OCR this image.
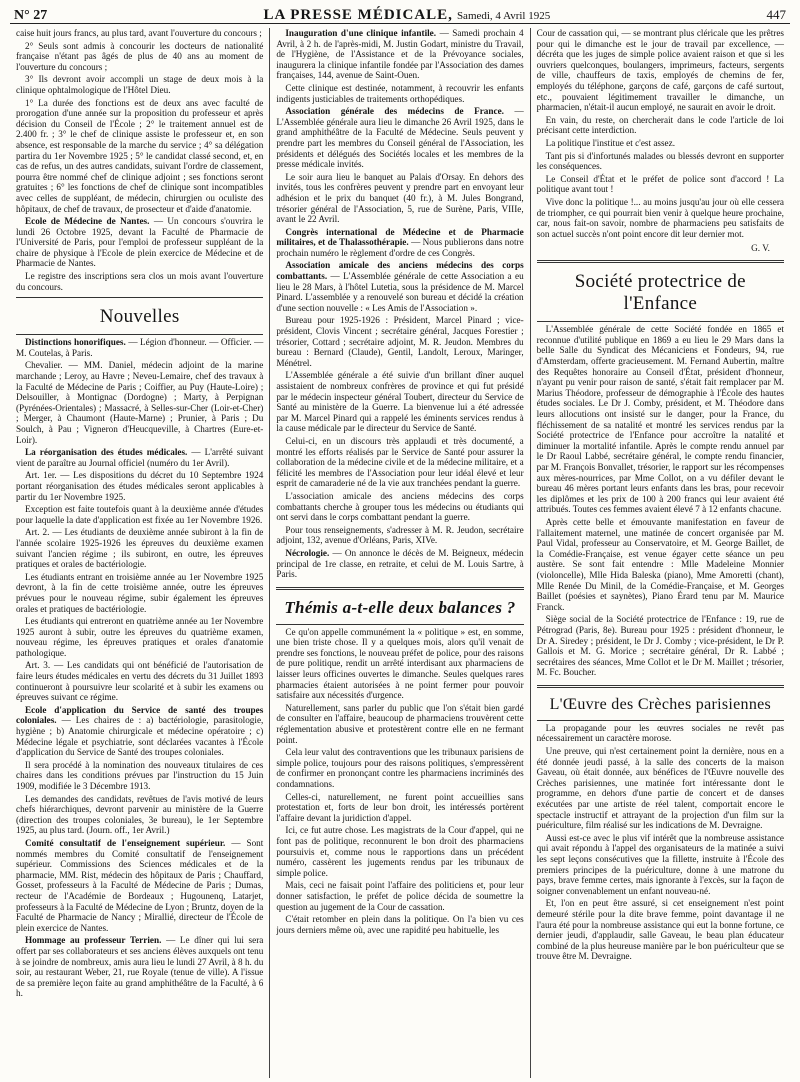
N° 27	LA PRESSE MÉDICALE, Samedi, 4 Avril 1925	447

caise huit jours francs, au plus tard, avant l'ouverture du concours ;

2° Seuls sont admis à concourir les docteurs de nationalité française n'étant pas âgés de plus de 40 ans au moment de l'ouverture du concours ;

3° Ils devront avoir accompli un stage de deux mois à la clinique ophtalmologique de l'Hôtel Dieu.

1° La durée des fonctions est de deux ans avec faculté de prorogation d'une année sur la proposition du professeur et après décision du Conseil de l'École ; 2° le traitement annuel est de 2.400 fr. ; 3° le chef de clinique assiste le professeur et, en son absence, est responsable de la marche du service ; 4° sa délégation partira du 1er Novembre 1925 ; 5° le candidat classé second, et, en cas de refus, un des autres candidats, suivant l'ordre de classement, pourra être nommé chef de clinique adjoint ; ses fonctions seront gratuites ; 6° les fonctions de chef de clinique sont incompatibles avec celles de suppléant, de médecin, chirurgien ou oculiste des hôpitaux, de chef de travaux, de prosecteur et d'aide d'anatomie.

Ecole de Médecine de Nantes. — Un concours s'ouvrira le lundi 26 Octobre 1925, devant la Faculté de Pharmacie de l'Université de Paris, pour l'emploi de professeur suppléant de la chaire de physique à l'Ecole de plein exercice de Médecine et de Pharmacie de Nantes.

Le registre des inscriptions sera clos un mois avant l'ouverture du concours.

Nouvelles

Distinctions honorifiques. — Légion d'honneur. — Officier. — M. Coutelas, à Paris.

Chevalier. — MM. Daniel, médecin adjoint de la marine marchande ; Leroy, au Havre ; Neveu-Lemaire, chef des travaux à la Faculté de Médecine de Paris ; Coiffier, au Puy (Haute-Loire) ; Delsouiller, à Montignac (Dordogne) ; Marty, à Perpignan (Pyrénées-Orientales) ; Massacré, à Selles-sur-Cher (Loir-et-Cher) ; Merger, à Chaumont (Haute-Marne) ; Prunier, à Paris ; Du Soulch, à Pau ; Vigneron d'Heucqueville, à Chartres (Eure-et-Loir).

La réorganisation des études médicales. — L'arrêté suivant vient de paraître au Journal officiel (numéro du 1er Avril).

Art. 1er. — Les dispositions du décret du 10 Septembre 1924 portant réorganisation des études médicales seront applicables à partir du 1er Novembre 1925.

Exception est faite toutefois quant à la deuxième année d'études pour laquelle la date d'application est fixée au 1er Novembre 1926.

Art. 2. — Les étudiants de deuxième année subiront à la fin de l'année scolaire 1925-1926 les épreuves du deuxième examen suivant l'ancien régime ; ils subiront, en outre, les épreuves pratiques et orales de bactériologie.

Les étudiants entrant en troisième année au 1er Novembre 1925 devront, à la fin de cette troisième année, outre les épreuves prévues pour le nouveau régime, subir également les épreuves orales et pratiques de bactériologie.

Les étudiants qui entreront en quatrième année au 1er Novembre 1925 auront à subir, outre les épreuves du quatrième examen, nouveau régime, les épreuves pratiques et orales d'anatomie pathologique.

Art. 3. — Les candidats qui ont bénéficié de l'autorisation de faire leurs études médicales en vertu des décrets du 31 Juillet 1893 continueront à poursuivre leur scolarité et à subir les examens ou épreuves suivant ce régime.

Ecole d'application du Service de santé des troupes coloniales. — Les chaires de : a) bactériologie, parasitologie, hygiène ; b) Anatomie chirurgicale et médecine opératoire ; c) Médecine légale et psychiatrie, sont déclarées vacantes à l'École d'application du Service de Santé des troupes coloniales.

Il sera procédé à la nomination des nouveaux titulaires de ces chaires dans les conditions prévues par l'instruction du 15 Juin 1909, modifiée le 3 Décembre 1913.

Les demandes des candidats, revêtues de l'avis motivé de leurs chefs hiérarchiques, devront parvenir au ministère de la Guerre (direction des troupes coloniales, 3e bureau), le 1er Septembre 1925, au plus tard. (Journ. off., 1er Avril.)

Comité consultatif de l'enseignement supérieur. — Sont nommés membres du Comité consultatif de l'enseignement supérieur. Commissions des Sciences médicales et de la pharmacie, MM. Rist, médecin des hôpitaux de Paris ; Chauffard, Gosset, professeurs à la Faculté de Médecine de Paris ; Dumas, recteur de l'Académie de Bordeaux ; Hugounenq, Latarjet, professeurs à la Faculté de Médecine de Lyon ; Bruntz, doyen de la Faculté de Pharmacie de Nancy ; Mirallié, directeur de l'École de plein exercice de Nantes.

Hommage au professeur Terrien. — Le dîner qui lui sera offert par ses collaborateurs et ses anciens élèves auxquels ont tenu à se joindre de nombreux, amis aura lieu le lundi 27 Avril, à 8 h. du soir, au restaurant Weber, 21, rue Royale (tenue de ville). A l'issue de sa première leçon faite au grand amphithéâtre de la Faculté, à 6 h.

Inauguration d'une clinique infantile. — Samedi prochain 4 Avril, à 2 h. de l'après-midi, M. Justin Godart, ministre du Travail, de l'Hygiène, de l'Assistance et de la Prévoyance sociales, inaugurera la clinique infantile fondée par l'Association des dames françaises, 144, avenue de Saint-Ouen.

Cette clinique est destinée, notamment, à recouvrir les enfants indigents justiciables de traitements orthopédiques.

Association générale des médecins de France. — L'Assemblée générale aura lieu le dimanche 26 Avril 1925, dans le grand amphithéâtre de la Faculté de Médecine. Seuls peuvent y prendre part les membres du Conseil général de l'Association, les présidents et délégués des Sociétés locales et les membres de la presse médicale invités.

Le soir aura lieu le banquet au Palais d'Orsay. En dehors des invités, tous les confrères peuvent y prendre part en envoyant leur adhésion et le prix du banquet (40 fr.), à M. Jules Bongrand, trésorier général de l'Association, 5, rue de Surène, Paris, VIIIe, avant le 22 Avril.

Congrès international de Médecine et de Pharmacie militaires, et de Thalassothérapie. — Nous publierons dans notre prochain numéro le règlement d'ordre de ces Congrès.

Association amicale des anciens médecins des corps combattants. — L'Assemblée générale de cette Association a eu lieu le 28 Mars, à l'hôtel Lutetia, sous la présidence de M. Marcel Pinard. L'assemblée y a renouvelé son bureau et décidé la création d'une section nouvelle : « Les Amis de l'Association ».

Bureau pour 1925-1926 : Président, Marcel Pinard ; vice-président, Clovis Vincent ; secrétaire général, Jacques Forestier ; trésorier, Cottard ; secrétaire adjoint, M. R. Jeudon. Membres du bureau : Bernard (Claude), Gentil, Landolt, Leroux, Maringer, Ménétrel.

L'Assemblée générale a été suivie d'un brillant dîner auquel assistaient de nombreux confrères de province et qui fut présidé par le médecin inspecteur général Toubert, directeur du Service de Santé au ministère de la Guerre. La bienvenue lui a été adressée par M. Marcel Pinard qui a rappelé les éminents services rendus à la cause médicale par le directeur du Service de Santé.

Celui-ci, en un discours très applaudi et très documenté, a montré les efforts réalisés par le Service de Santé pour assurer la collaboration de la médecine civile et de la médecine militaire, et a félicité les membres de l'Association pour leur idéal élevé et leur esprit de camaraderie né de la vie aux tranchées pendant la guerre.

L'association amicale des anciens médecins des corps combattants cherche à grouper tous les médecins ou étudiants qui ont servi dans le corps combattant pendant la guerre.

Pour tous renseignements, s'adresser à M. R. Jeudon, secrétaire adjoint, 132, avenue d'Orléans, Paris, XIVe.

Nécrologie. — On annonce le décès de M. Beigneux, médecin principal de 1re classe, en retraite, et celui de M. Louis Sartre, à Paris.

Thémis a-t-elle deux balances ?

Ce qu'on appelle communément la « politique » est, en somme, une bien triste chose. Il y a quelques mois, alors qu'il venait de prendre ses fonctions, le nouveau préfet de police, pour des raisons de pure politique, rendit un arrêté interdisant aux pharmaciens de laisser leurs officines ouvertes le dimanche. Seules quelques rares pharmacies étaient autorisées à ne point fermer pour pouvoir satisfaire aux nécessités d'urgence.

Naturellement, sans parler du public que l'on s'était bien gardé de consulter en l'affaire, beaucoup de pharmaciens trouvèrent cette réglementation abusive et protestèrent contre elle en ne fermant point.

Cela leur valut des contraventions que les tribunaux parisiens de simple police, toujours pour des raisons politiques, s'empressèrent de confirmer en prononçant contre les pharmaciens incriminés des condamnations.

Celles-ci, naturellement, ne furent point accueillies sans protestation et, forts de leur bon droit, les intéressés portèrent l'affaire devant la juridiction d'appel.

Ici, ce fut autre chose. Les magistrats de la Cour d'appel, qui ne font pas de politique, reconnurent le bon droit des pharmaciens poursuivis et, comme nous le rapportions dans un précédent numéro, cassèrent les jugements rendus par les tribunaux de simple police.

Mais, ceci ne faisait point l'affaire des politiciens et, pour leur donner satisfaction, le préfet de police décida de soumettre la question au jugement de la Cour de cassation.

C'était retomber en plein dans la politique. On l'a bien vu ces jours derniers même où, avec une rapidité peu habituelle, les

Cour de cassation qui, — se montrant plus cléricale que les prêtres pour qui le dimanche est le jour de travail par excellence, — décréta que les juges de simple police avaient raison et que si les ouvriers quelconques, boulangers, imprimeurs, facteurs, sergents de ville, chauffeurs de taxis, employés de chemins de fer, employés du téléphone, garçons de café, garçons de café surtout, etc., pouvaient légitimement travailler le dimanche, un pharmacien, n'était-il aucun employé, ne saurait en avoir le droit.

En vain, du reste, on chercherait dans le code l'article de loi précisant cette interdiction.

La politique l'institue et c'est assez.

Tant pis si d'infortunés malades ou blessés devront en supporter les conséquences.

Le Conseil d'État et le préfet de police sont d'accord ! La politique avant tout !

Vive donc la politique !... au moins jusqu'au jour où elle cessera de triompher, ce qui pourrait bien venir à quelque heure prochaine, car, nous fait-on savoir, nombre de pharmaciens peu satisfaits de son actuel succès n'ont point encore dit leur dernier mot.

G. V.
Société protectrice de l'Enfance

L'Assemblée générale de cette Société fondée en 1865 et reconnue d'utilité publique en 1869 a eu lieu le 29 Mars dans la belle Salle du Syndicat des Mécaniciens et Fondeurs, 94, rue d'Amsterdam, offerte gracieusement. M. Fernand Aubertin, maître des Requêtes honoraire au Conseil d'État, président d'honneur, n'ayant pu venir pour raison de santé, s'était fait remplacer par M. Marius Théodore, professeur de démographie à l'École des hautes études sociales. Le Dr J. Comby, président, et M. Théodore dans leurs allocutions ont insisté sur le danger, pour la France, du fléchissement de sa natalité et montré les services rendus par la Société protectrice de l'Enfance pour accroître la natalité et diminuer la mortalité infantile. Après le compte rendu annuel par le Dr Raoul Labbé, secrétaire général, le compte rendu financier, par M. François Bonvallet, trésorier, le rapport sur les récompenses aux mères-nourrices, par Mme Collot, on a vu défiler devant le bureau 46 mères portant leurs enfants dans les bras, pour recevoir les diplômes et les prix de 100 à 200 francs qui leur avaient été attribués. Toutes ces femmes avaient élevé 7 à 12 enfants chacune.

Après cette belle et émouvante manifestation en faveur de l'allaitement maternel, une matinée de concert organisée par M. Paul Vidal, professeur au Conservatoire, et M. George Baillet, de la Comédie-Française, est venue égayer cette séance un peu austère. Se sont fait entendre : Mlle Madeleine Monnier (violoncelle), Mlle Hida Baleska (piano), Mme Amoretti (chant), Mlle Renée Du Minil, de la Comédie-Française, et M. Georges Baillet (poésies et saynètes), Piano Érard tenu par M. Maurice Franck.

Siège social de la Société protectrice de l'Enfance : 19, rue de Pétrograd (Paris, 8e). Bureau pour 1925 : président d'honneur, le Dr A. Siredey ; président, le Dr J. Comby ; vice-président, le Dr P. Gallois et M. G. Morice ; secrétaire général, Dr R. Labbé ; secrétaires des séances, Mme Collot et le Dr M. Maillet ; trésorier, M. Fc. Boucher.

L'Œuvre des Crèches parisiennes

La propagande pour les œuvres sociales ne revêt pas nécessairement un caractère morose.

Une preuve, qui n'est certainement point la dernière, nous en a été donnée jeudi passé, à la salle des concerts de la maison Gaveau, où était donnée, aux bénéfices de l'Œuvre nouvelle des Crèches parisiennes, une matinée fort intéressante dont le programme, en dehors d'une partie de concert et de danses exécutées par une artiste de réel talent, comportait encore le spectacle instructif et attrayant de la projection d'un film sur la puériculture, film réalisé sur les indications de M. Devraigne.

Aussi est-ce avec le plus vif intérêt que la nombreuse assistance qui avait répondu à l'appel des organisateurs de la matinée a suivi les sept leçons consécutives que la fillette, instruite à l'École des premiers principes de la puériculture, donne à une matrone du pays, brave femme certes, mais ignorante à l'excès, sur la façon de soigner convenablement un enfant nouveau-né.

Et, l'on en peut être assuré, si cet enseignement n'est point demeuré stérile pour la dite brave femme, point davantage il ne l'aura été pour la nombreuse assistance qui eut la bonne fortune, ce dernier jeudi, d'applaudir, salle Gaveau, le beau plan éducateur combiné de la plus heureuse manière par le bon puériculteur que se trouve être M. Devraigne.
